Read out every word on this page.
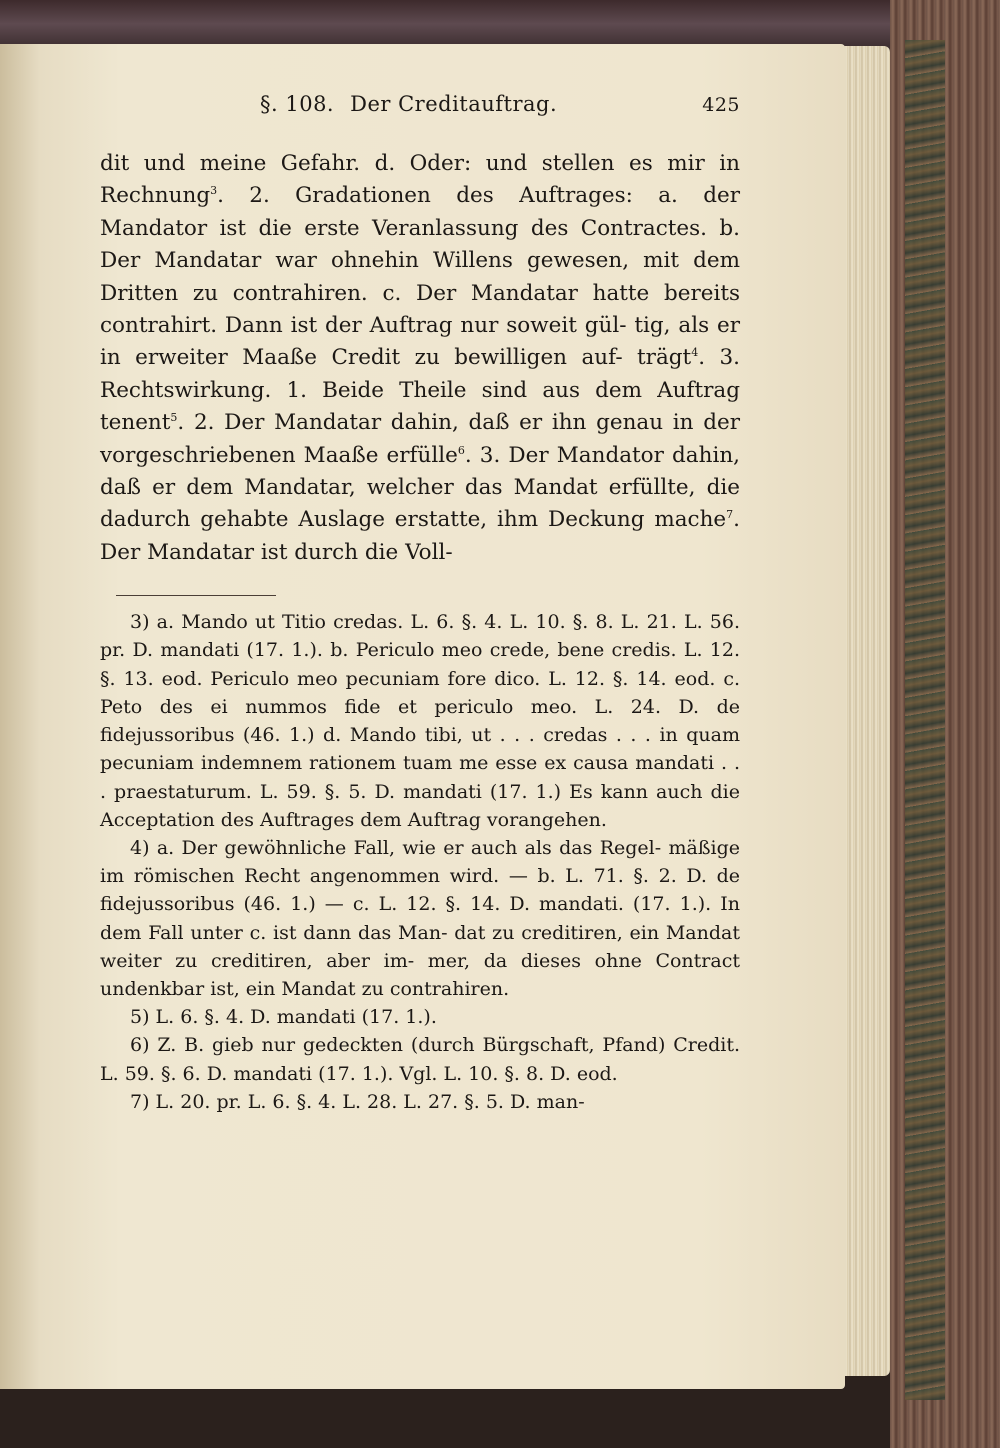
§. 108. Der Creditauftrag.	425
dit und meine Gefahr. d. Oder: und stellen es mir in Rechnung$^3$. 2. Gradationen des Auftrages: a. der Mandator ist die erste Veranlassung des Contractes. b. Der Mandatar war ohnehin Willens gewesen, mit dem Dritten zu contrahiren. c. Der Mandatar hatte bereits contrahirt. Dann ist der Auftrag nur soweit gül- tig, als er in erweiter Maaße Credit zu bewilligen auf- trägt$^4$. 3. Rechtswirkung. 1. Beide Theile sind aus dem Auftrag tenent$^5$. 2. Der Mandatar dahin, daß er ihn genau in der vorgeschriebenen Maaße erfülle$^6$. 3. Der Mandator dahin, daß er dem Mandatar, welcher das Mandat erfüllte, die dadurch gehabte Auslage erstatte, ihm Deckung mache$^7$. Der Mandatar ist durch die Voll-

3) a. Mando ut Titio credas. L. 6. §. 4. L. 10. §. 8. L. 21. L. 56. pr. D. mandati (17. 1.). b. Periculo meo crede, bene credis. L. 12. §. 13. eod. Periculo meo pecuniam fore dico. L. 12. §. 14. eod. c. Peto des ei nummos fide et periculo meo. L. 24. D. de fidejussoribus (46. 1.) d. Mando tibi, ut . . . credas . . . in quam pecuniam indemnem rationem tuam me esse ex causa mandati . . . praestaturum. L. 59. §. 5. D. mandati (17. 1.) Es kann auch die Acceptation des Auftrages dem Auftrag vorangehen.

4) a. Der gewöhnliche Fall, wie er auch als das Regel- mäßige im römischen Recht angenommen wird. — b. L. 71. §. 2. D. de fidejussoribus (46. 1.) — c. L. 12. §. 14. D. mandati. (17. 1.). In dem Fall unter c. ist dann das Man- dat zu creditiren, ein Mandat weiter zu creditiren, aber im- mer, da dieses ohne Contract undenkbar ist, ein Mandat zu contrahiren.

5) L. 6. §. 4. D. mandati (17. 1.).

6) Z. B. gieb nur gedeckten (durch Bürgschaft, Pfand) Credit. L. 59. §. 6. D. mandati (17. 1.). Vgl. L. 10. §. 8. D. eod.

7) L. 20. pr. L. 6. §. 4. L. 28. L. 27. §. 5. D. man-
